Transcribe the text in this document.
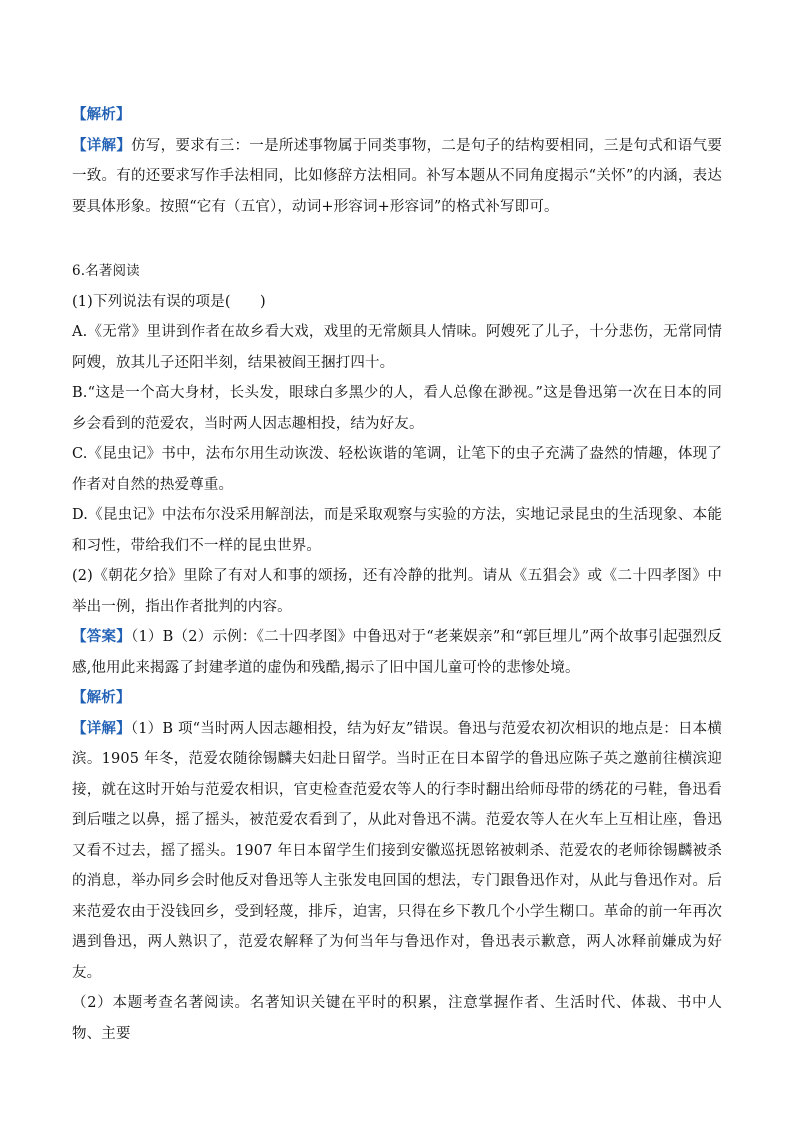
【解析】

【详解】仿写，要求有三：一是所述事物属于同类事物，二是句子的结构要相同，三是句式和语气要一致。有的还要求写作手法相同，比如修辞方法相同。补写本题从不同角度揭示“关怀”的内涵，表达要具体形象。按照“它有（五官），动词+形容词+形容词”的格式补写即可。

6.名著阅读

(1)下列说法有误的项是(　　)

A.《无常》里讲到作者在故乡看大戏，戏里的无常颇具人情味。阿嫂死了儿子，十分悲伤，无常同情阿嫂，放其儿子还阳半刻，结果被阎王捆打四十。

B.“这是一个高大身材，长头发，眼球白多黑少的人，看人总像在渺视。”这是鲁迅第一次在日本的同乡会看到的范爱农，当时两人因志趣相投，结为好友。

C.《昆虫记》书中，法布尔用生动诙泼、轻松诙谐的笔调，让笔下的虫子充满了盎然的情趣，体现了作者对自然的热爱尊重。

D.《昆虫记》中法布尔没采用解剖法，而是采取观察与实验的方法，实地记录昆虫的生活现象、本能和习性，带给我们不一样的昆虫世界。

(2)《朝花夕拾》里除了有对人和事的颂扬，还有冷静的批判。请从《五猖会》或《二十四孝图》中举出一例，指出作者批判的内容。

【答案】（1）B（2）示例：《二十四孝图》中鲁迅对于“老莱娱亲”和“郭巨埋儿”两个故事引起强烈反感,他用此来揭露了封建孝道的虚伪和残酷,揭示了旧中国儿童可怜的悲惨处境。

【解析】

【详解】（1）B 项“当时两人因志趣相投，结为好友”错误。鲁迅与范爱农初次相识的地点是：日本横滨。1905 年冬，范爱农随徐锡麟夫妇赴日留学。当时正在日本留学的鲁迅应陈子英之邀前往横滨迎接，就在这时开始与范爱农相识，官吏检查范爱农等人的行李时翻出给师母带的绣花的弓鞋，鲁迅看到后嗤之以鼻，摇了摇头，被范爱农看到了，从此对鲁迅不满。范爱农等人在火车上互相让座，鲁迅又看不过去，摇了摇头。1907 年日本留学生们接到安徽巡抚恩铭被刺杀、范爱农的老师徐锡麟被杀的消息，举办同乡会时他反对鲁迅等人主张发电回国的想法，专门跟鲁迅作对，从此与鲁迅作对。后来范爱农由于没钱回乡，受到轻蔑，排斥，迫害，只得在乡下教几个小学生糊口。革命的前一年再次遇到鲁迅，两人熟识了，范爱农解释了为何当年与鲁迅作对，鲁迅表示歉意，两人冰释前嫌成为好友。

（2）本题考查名著阅读。名著知识关键在平时的积累，注意掌握作者、生活时代、体裁、书中人物、主要
